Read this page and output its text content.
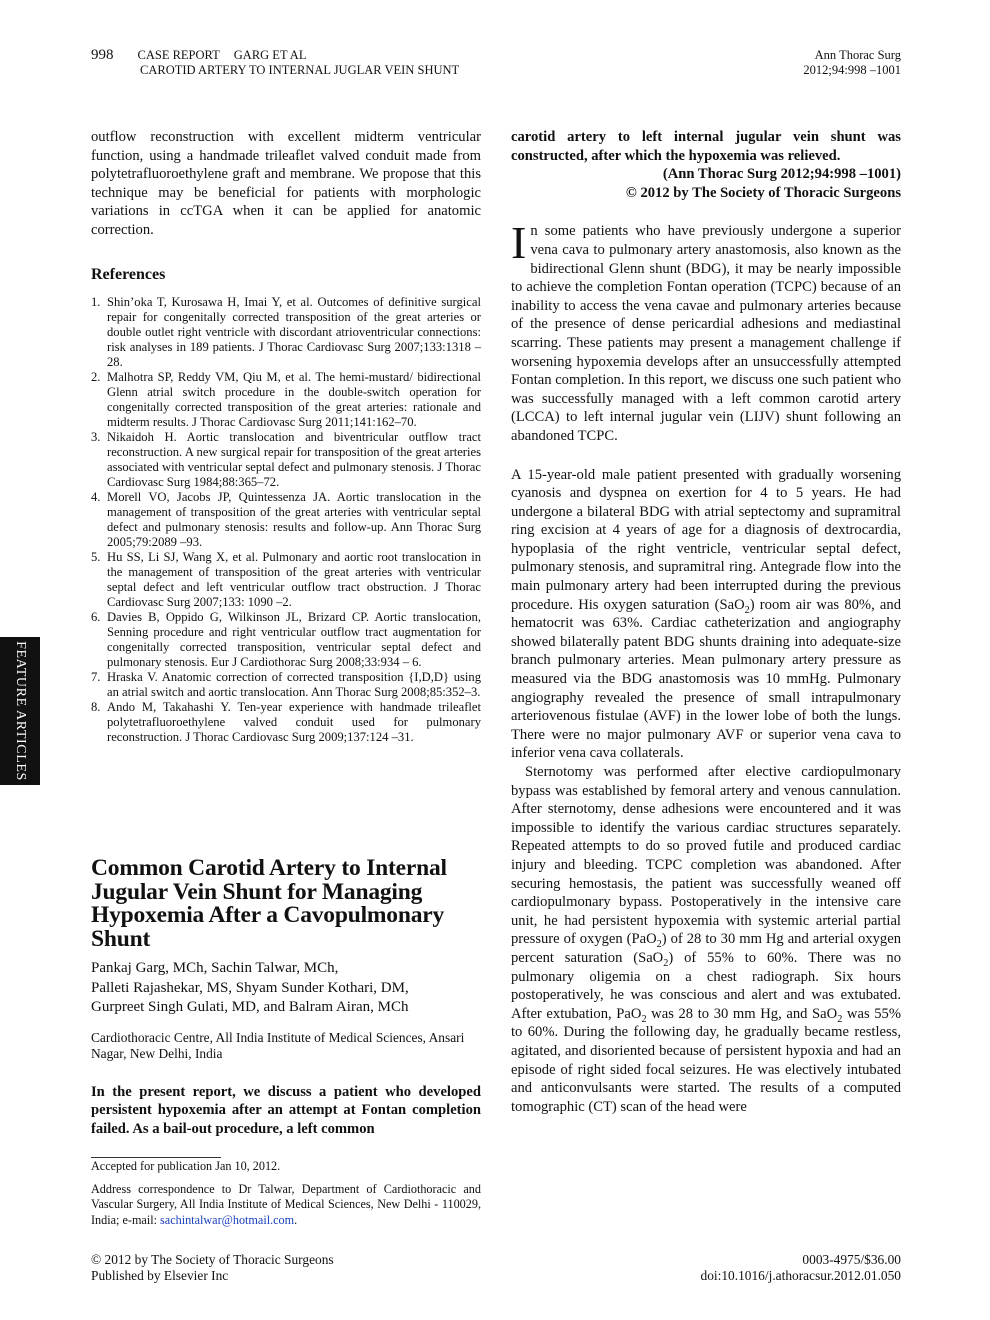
998 CASE REPORT GARG ET AL
CAROTID ARTERY TO INTERNAL JUGLAR VEIN SHUNT
Ann Thorac Surg
2012;94:998 –1001

outflow reconstruction with excellent midterm ventricular function, using a handmade trileaflet valved conduit made from polytetrafluoroethylene graft and membrane. We propose that this technique may be beneficial for patients with morphologic variations in ccTGA when it can be applied for anatomic correction.

References

1. Shin’oka T, Kurosawa H, Imai Y, et al. Outcomes of definitive surgical repair for congenitally corrected transposition of the great arteries or double outlet right ventricle with discordant atrioventricular connections: risk analyses in 189 patients. J Thorac Cardiovasc Surg 2007;133:1318 –28.
2. Malhotra SP, Reddy VM, Qiu M, et al. The hemi-mustard/ bidirectional Glenn atrial switch procedure in the double-switch operation for congenitally corrected transposition of the great arteries: rationale and midterm results. J Thorac Cardiovasc Surg 2011;141:162–70.
3. Nikaidoh H. Aortic translocation and biventricular outflow tract reconstruction. A new surgical repair for transposition of the great arteries associated with ventricular septal defect and pulmonary stenosis. J Thorac Cardiovasc Surg 1984;88:365–72.
4. Morell VO, Jacobs JP, Quintessenza JA. Aortic translocation in the management of transposition of the great arteries with ventricular septal defect and pulmonary stenosis: results and follow-up. Ann Thorac Surg 2005;79:2089 –93.
5. Hu SS, Li SJ, Wang X, et al. Pulmonary and aortic root translocation in the management of transposition of the great arteries with ventricular septal defect and left ventricular outflow tract obstruction. J Thorac Cardiovasc Surg 2007;133: 1090 –2.
6. Davies B, Oppido G, Wilkinson JL, Brizard CP. Aortic translocation, Senning procedure and right ventricular outflow tract augmentation for congenitally corrected transposition, ventricular septal defect and pulmonary stenosis. Eur J Cardiothorac Surg 2008;33:934 – 6.
7. Hraska V. Anatomic correction of corrected transposition {I,D,D} using an atrial switch and aortic translocation. Ann Thorac Surg 2008;85:352–3.
8. Ando M, Takahashi Y. Ten-year experience with handmade trileaflet polytetrafluoroethylene valved conduit used for pulmonary reconstruction. J Thorac Cardiovasc Surg 2009;137:124 –31.
Common Carotid Artery to Internal Jugular Vein Shunt for Managing Hypoxemia After a Cavopulmonary Shunt
Pankaj Garg, MCh, Sachin Talwar, MCh,
Palleti Rajashekar, MS, Shyam Sunder Kothari, DM,
Gurpreet Singh Gulati, MD, and Balram Airan, MCh
Cardiothoracic Centre, All India Institute of Medical Sciences, Ansari Nagar, New Delhi, India
In the present report, we discuss a patient who developed persistent hypoxemia after an attempt at Fontan completion failed. As a bail-out procedure, a left common
Accepted for publication Jan 10, 2012.
Address correspondence to Dr Talwar, Department of Cardiothoracic and Vascular Surgery, All India Institute of Medical Sciences, New Delhi - 110029, India; e-mail: sachintalwar@hotmail.com.

carotid artery to left internal jugular vein shunt was constructed, after which the hypoxemia was relieved.

(Ann Thorac Surg 2012;94:998 –1001)

© 2012 by The Society of Thoracic Surgeons

In some patients who have previously undergone a superior vena cava to pulmonary artery anastomosis, also known as the bidirectional Glenn shunt (BDG), it may be nearly impossible to achieve the completion Fontan operation (TCPC) because of an inability to access the vena cavae and pulmonary arteries because of the presence of dense pericardial adhesions and mediastinal scarring. These patients may present a management challenge if worsening hypoxemia develops after an unsuccessfully attempted Fontan completion. In this report, we discuss one such patient who was successfully managed with a left common carotid artery (LCCA) to left internal jugular vein (LIJV) shunt following an abandoned TCPC.

A 15-year-old male patient presented with gradually worsening cyanosis and dyspnea on exertion for 4 to 5 years. He had undergone a bilateral BDG with atrial septectomy and supramitral ring excision at 4 years of age for a diagnosis of dextrocardia, hypoplasia of the right ventricle, ventricular septal defect, pulmonary stenosis, and supramitral ring. Antegrade flow into the main pulmonary artery had been interrupted during the previous procedure. His oxygen saturation (SaO$_2$) room air was 80%, and hematocrit was 63%. Cardiac catheterization and angiography showed bilaterally patent BDG shunts draining into adequate-size branch pulmonary arteries. Mean pulmonary artery pressure as measured via the BDG anastomosis was 10 mmHg. Pulmonary angiography revealed the presence of small intrapulmonary arteriovenous fistulae (AVF) in the lower lobe of both the lungs. There were no major pulmonary AVF or superior vena cava to inferior vena cava collaterals.

Sternotomy was performed after elective cardiopulmonary bypass was established by femoral artery and venous cannulation. After sternotomy, dense adhesions were encountered and it was impossible to identify the various cardiac structures separately. Repeated attempts to do so proved futile and produced cardiac injury and bleeding. TCPC completion was abandoned. After securing hemostasis, the patient was successfully weaned off cardiopulmonary bypass. Postoperatively in the intensive care unit, he had persistent hypoxemia with systemic arterial partial pressure of oxygen (PaO$_2$) of 28 to 30 mm Hg and arterial oxygen percent saturation (SaO$_2$) of 55% to 60%. There was no pulmonary oligemia on a chest radiograph. Six hours postoperatively, he was conscious and alert and was extubated. After extubation, PaO$_2$ was 28 to 30 mm Hg, and SaO$_2$ was 55% to 60%. During the following day, he gradually became restless, agitated, and disoriented because of persistent hypoxia and had an episode of right sided focal seizures. He was electively intubated and anticonvulsants were started. The results of a computed tomographic (CT) scan of the head were

FEATURE ARTICLES
© 2012 by The Society of Thoracic Surgeons
Published by Elsevier Inc
0003-4975/$36.00
doi:10.1016/j.athoracsur.2012.01.050
